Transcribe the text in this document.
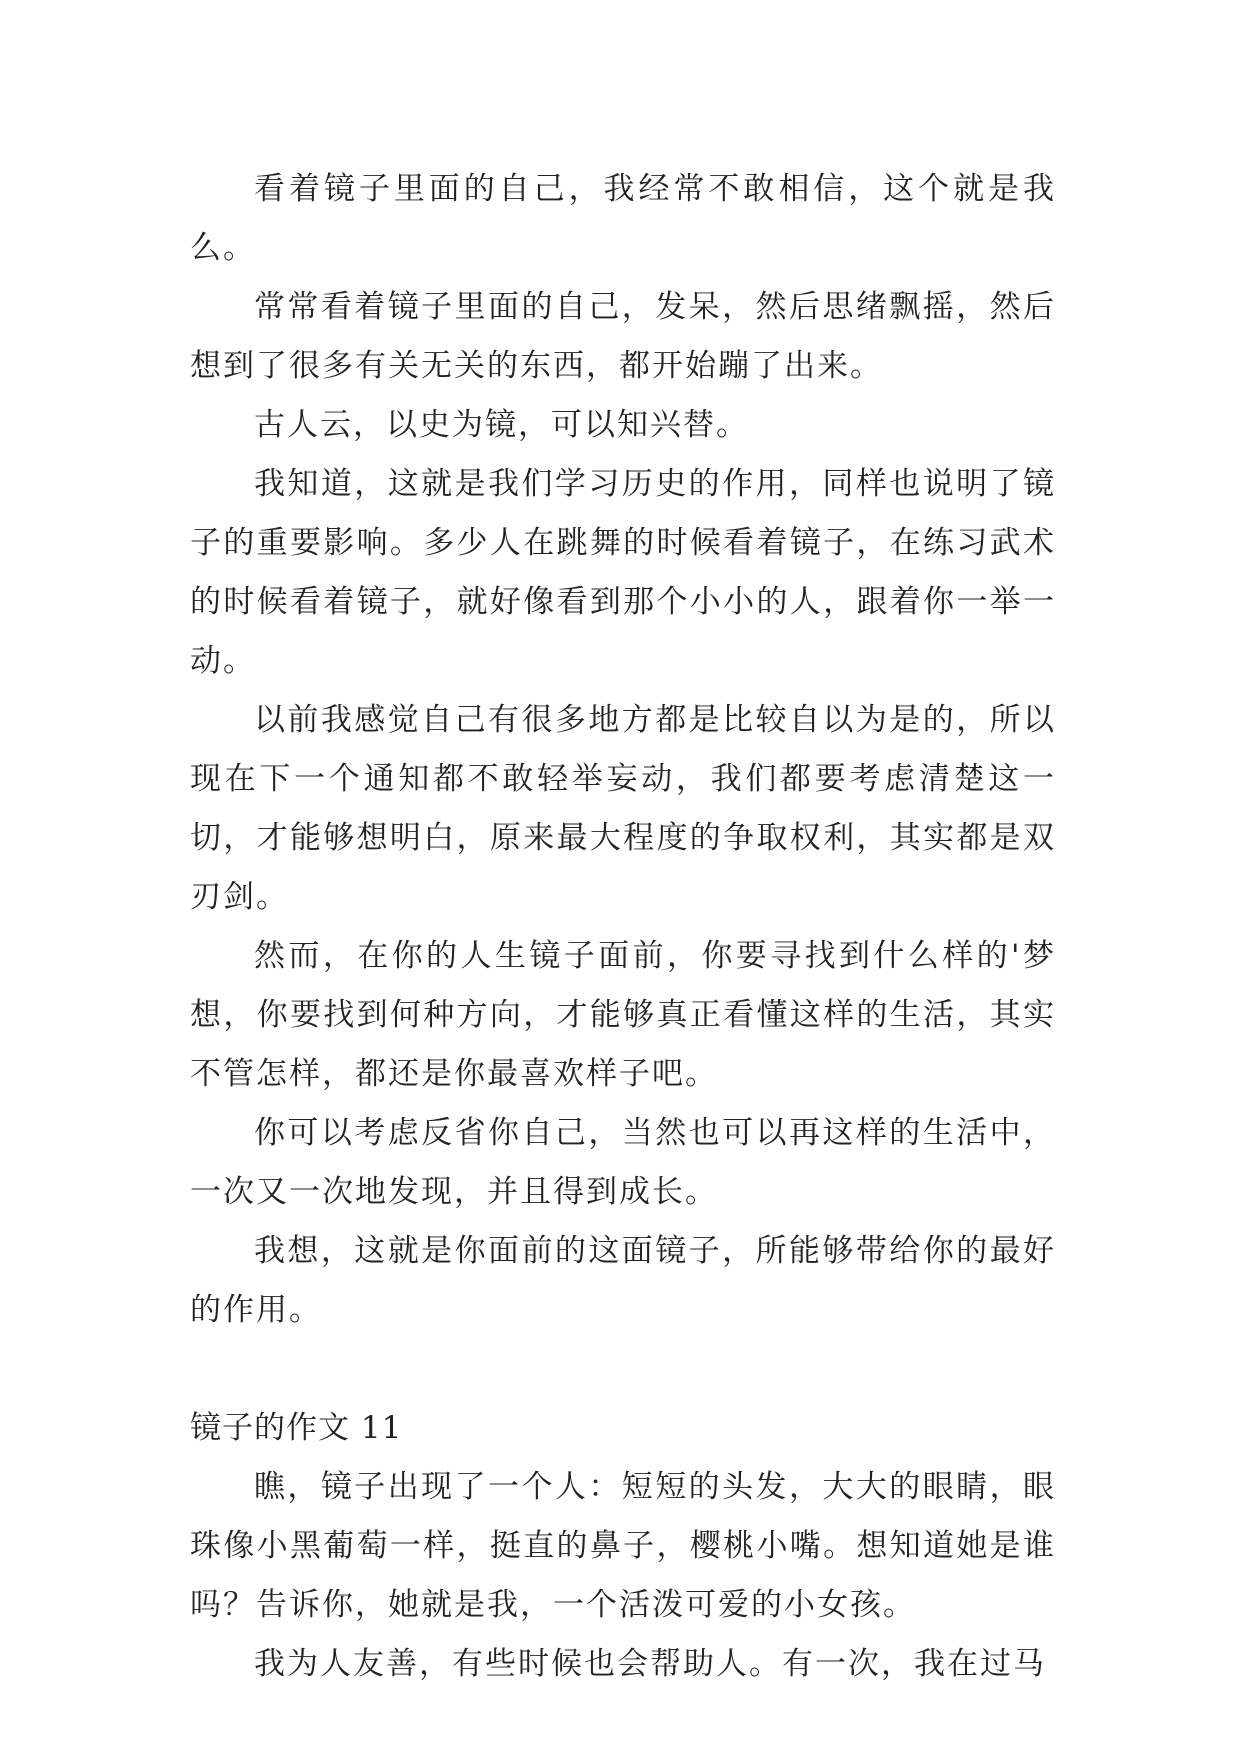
看着镜子里面的自己，我经常不敢相信，这个就是我么。

常常看着镜子里面的自己，发呆，然后思绪飘摇，然后想到了很多有关无关的东西，都开始蹦了出来。

古人云，以史为镜，可以知兴替。

我知道，这就是我们学习历史的作用，同样也说明了镜子的重要影响。多少人在跳舞的时候看着镜子，在练习武术的时候看着镜子，就好像看到那个小小的人，跟着你一举一动。

以前我感觉自己有很多地方都是比较自以为是的，所以现在下一个通知都不敢轻举妄动，我们都要考虑清楚这一切，才能够想明白，原来最大程度的争取权利，其实都是双刃剑。

然而，在你的人生镜子面前，你要寻找到什么样的'梦想，你要找到何种方向，才能够真正看懂这样的生活，其实不管怎样，都还是你最喜欢样子吧。

你可以考虑反省你自己，当然也可以再这样的生活中，一次又一次地发现，并且得到成长。

我想，这就是你面前的这面镜子，所能够带给你的最好的作用。

镜子的作文 11

瞧，镜子出现了一个人：短短的头发，大大的眼睛，眼珠像小黑葡萄一样，挺直的鼻子，樱桃小嘴。想知道她是谁吗？告诉你，她就是我，一个活泼可爱的小女孩。

我为人友善，有些时候也会帮助人。有一次，我在过马
